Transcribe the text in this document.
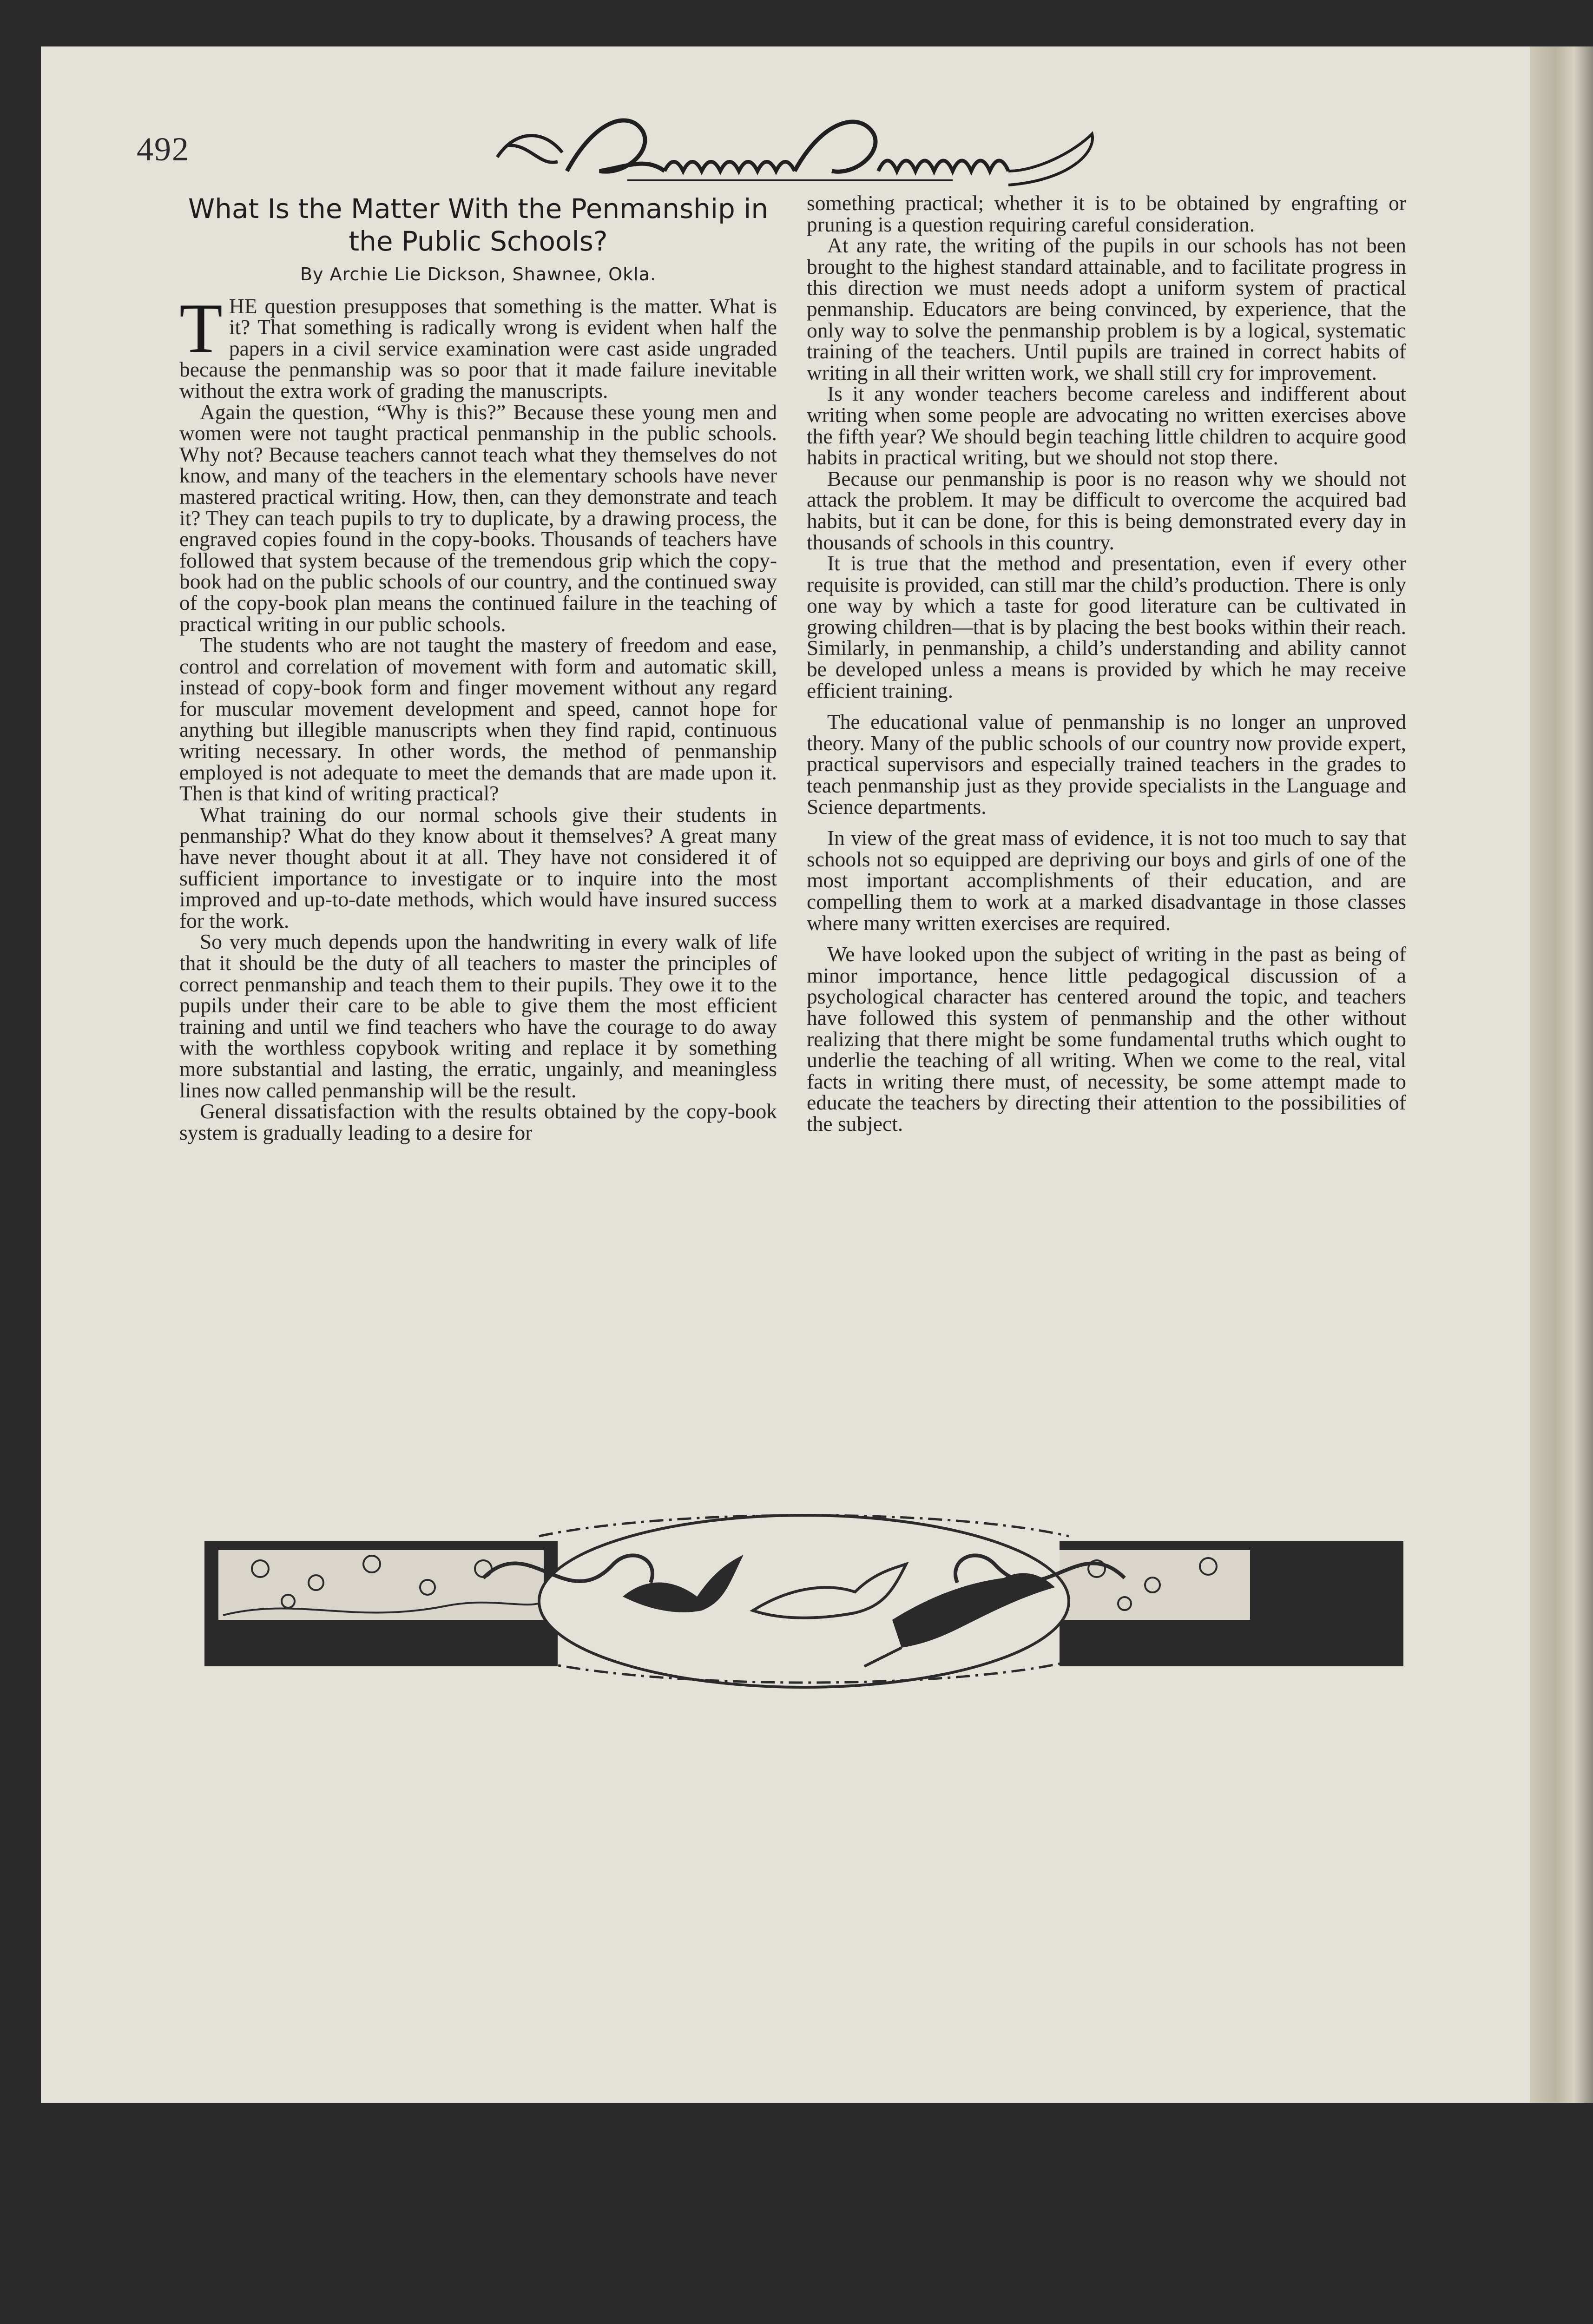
492
What Is the Matter With the Penmanship in the Public Schools?
By Archie Lie Dickson, Shawnee, Okla.

THE question presupposes that something is the matter. What is it? That something is radically wrong is evident when half the papers in a civil service examination were cast aside ungraded because the penmanship was so poor that it made failure inevitable without the extra work of grading the manuscripts.

Again the question, “Why is this?” Because these young men and women were not taught practical penmanship in the public schools. Why not? Because teachers cannot teach what they themselves do not know, and many of the teachers in the elementary schools have never mastered practical writing. How, then, can they demonstrate and teach it? They can teach pupils to try to duplicate, by a drawing process, the engraved copies found in the copy-books. Thousands of teachers have followed that system because of the tremendous grip which the copy-book had on the public schools of our country, and the continued sway of the copy-book plan means the continued failure in the teaching of practical writing in our public schools.

The students who are not taught the mastery of freedom and ease, control and correlation of movement with form and automatic skill, instead of copy-book form and finger movement without any regard for muscular movement development and speed, cannot hope for anything but illegible manuscripts when they find rapid, continuous writing necessary. In other words, the method of penmanship employed is not adequate to meet the demands that are made upon it. Then is that kind of writing practical?

What training do our normal schools give their students in penmanship? What do they know about it themselves? A great many have never thought about it at all. They have not considered it of sufficient importance to investigate or to inquire into the most improved and up-to-date methods, which would have insured success for the work.

So very much depends upon the handwriting in every walk of life that it should be the duty of all teachers to master the principles of correct penmanship and teach them to their pupils. They owe it to the pupils under their care to be able to give them the most efficient training and until we find teachers who have the courage to do away with the worthless copybook writing and replace it by something more substantial and lasting, the erratic, ungainly, and meaningless lines now called penmanship will be the result.

General dissatisfaction with the results obtained by the copy-book system is gradually leading to a desire for

something practical; whether it is to be obtained by engrafting or pruning is a question requiring careful consideration.

At any rate, the writing of the pupils in our schools has not been brought to the highest standard attainable, and to facilitate progress in this direction we must needs adopt a uniform system of practical penmanship. Educators are being convinced, by experience, that the only way to solve the penmanship problem is by a logical, systematic training of the teachers. Until pupils are trained in correct habits of writing in all their written work, we shall still cry for improvement.

Is it any wonder teachers become careless and indifferent about writing when some people are advocating no written exercises above the fifth year? We should begin teaching little children to acquire good habits in practical writing, but we should not stop there.

Because our penmanship is poor is no reason why we should not attack the problem. It may be difficult to overcome the acquired bad habits, but it can be done, for this is being demonstrated every day in thousands of schools in this country.

It is true that the method and presentation, even if every other requisite is provided, can still mar the child’s production. There is only one way by which a taste for good literature can be cultivated in growing children—that is by placing the best books within their reach. Similarly, in penmanship, a child’s understanding and ability cannot be developed unless a means is provided by which he may receive efficient training.

The educational value of penmanship is no longer an unproved theory. Many of the public schools of our country now provide expert, practical supervisors and especially trained teachers in the grades to teach penmanship just as they provide specialists in the Language and Science departments.

In view of the great mass of evidence, it is not too much to say that schools not so equipped are depriving our boys and girls of one of the most important accomplishments of their education, and are compelling them to work at a marked disadvantage in those classes where many written exercises are required.

We have looked upon the subject of writing in the past as being of minor importance, hence little pedagogical discussion of a psychological character has centered around the topic, and teachers have followed this system of penmanship and the other without realizing that there might be some fundamental truths which ought to underlie the teaching of all writing. When we come to the real, vital facts in writing there must, of necessity, be some attempt made to educate the teachers by directing their attention to the possibilities of the subject.
